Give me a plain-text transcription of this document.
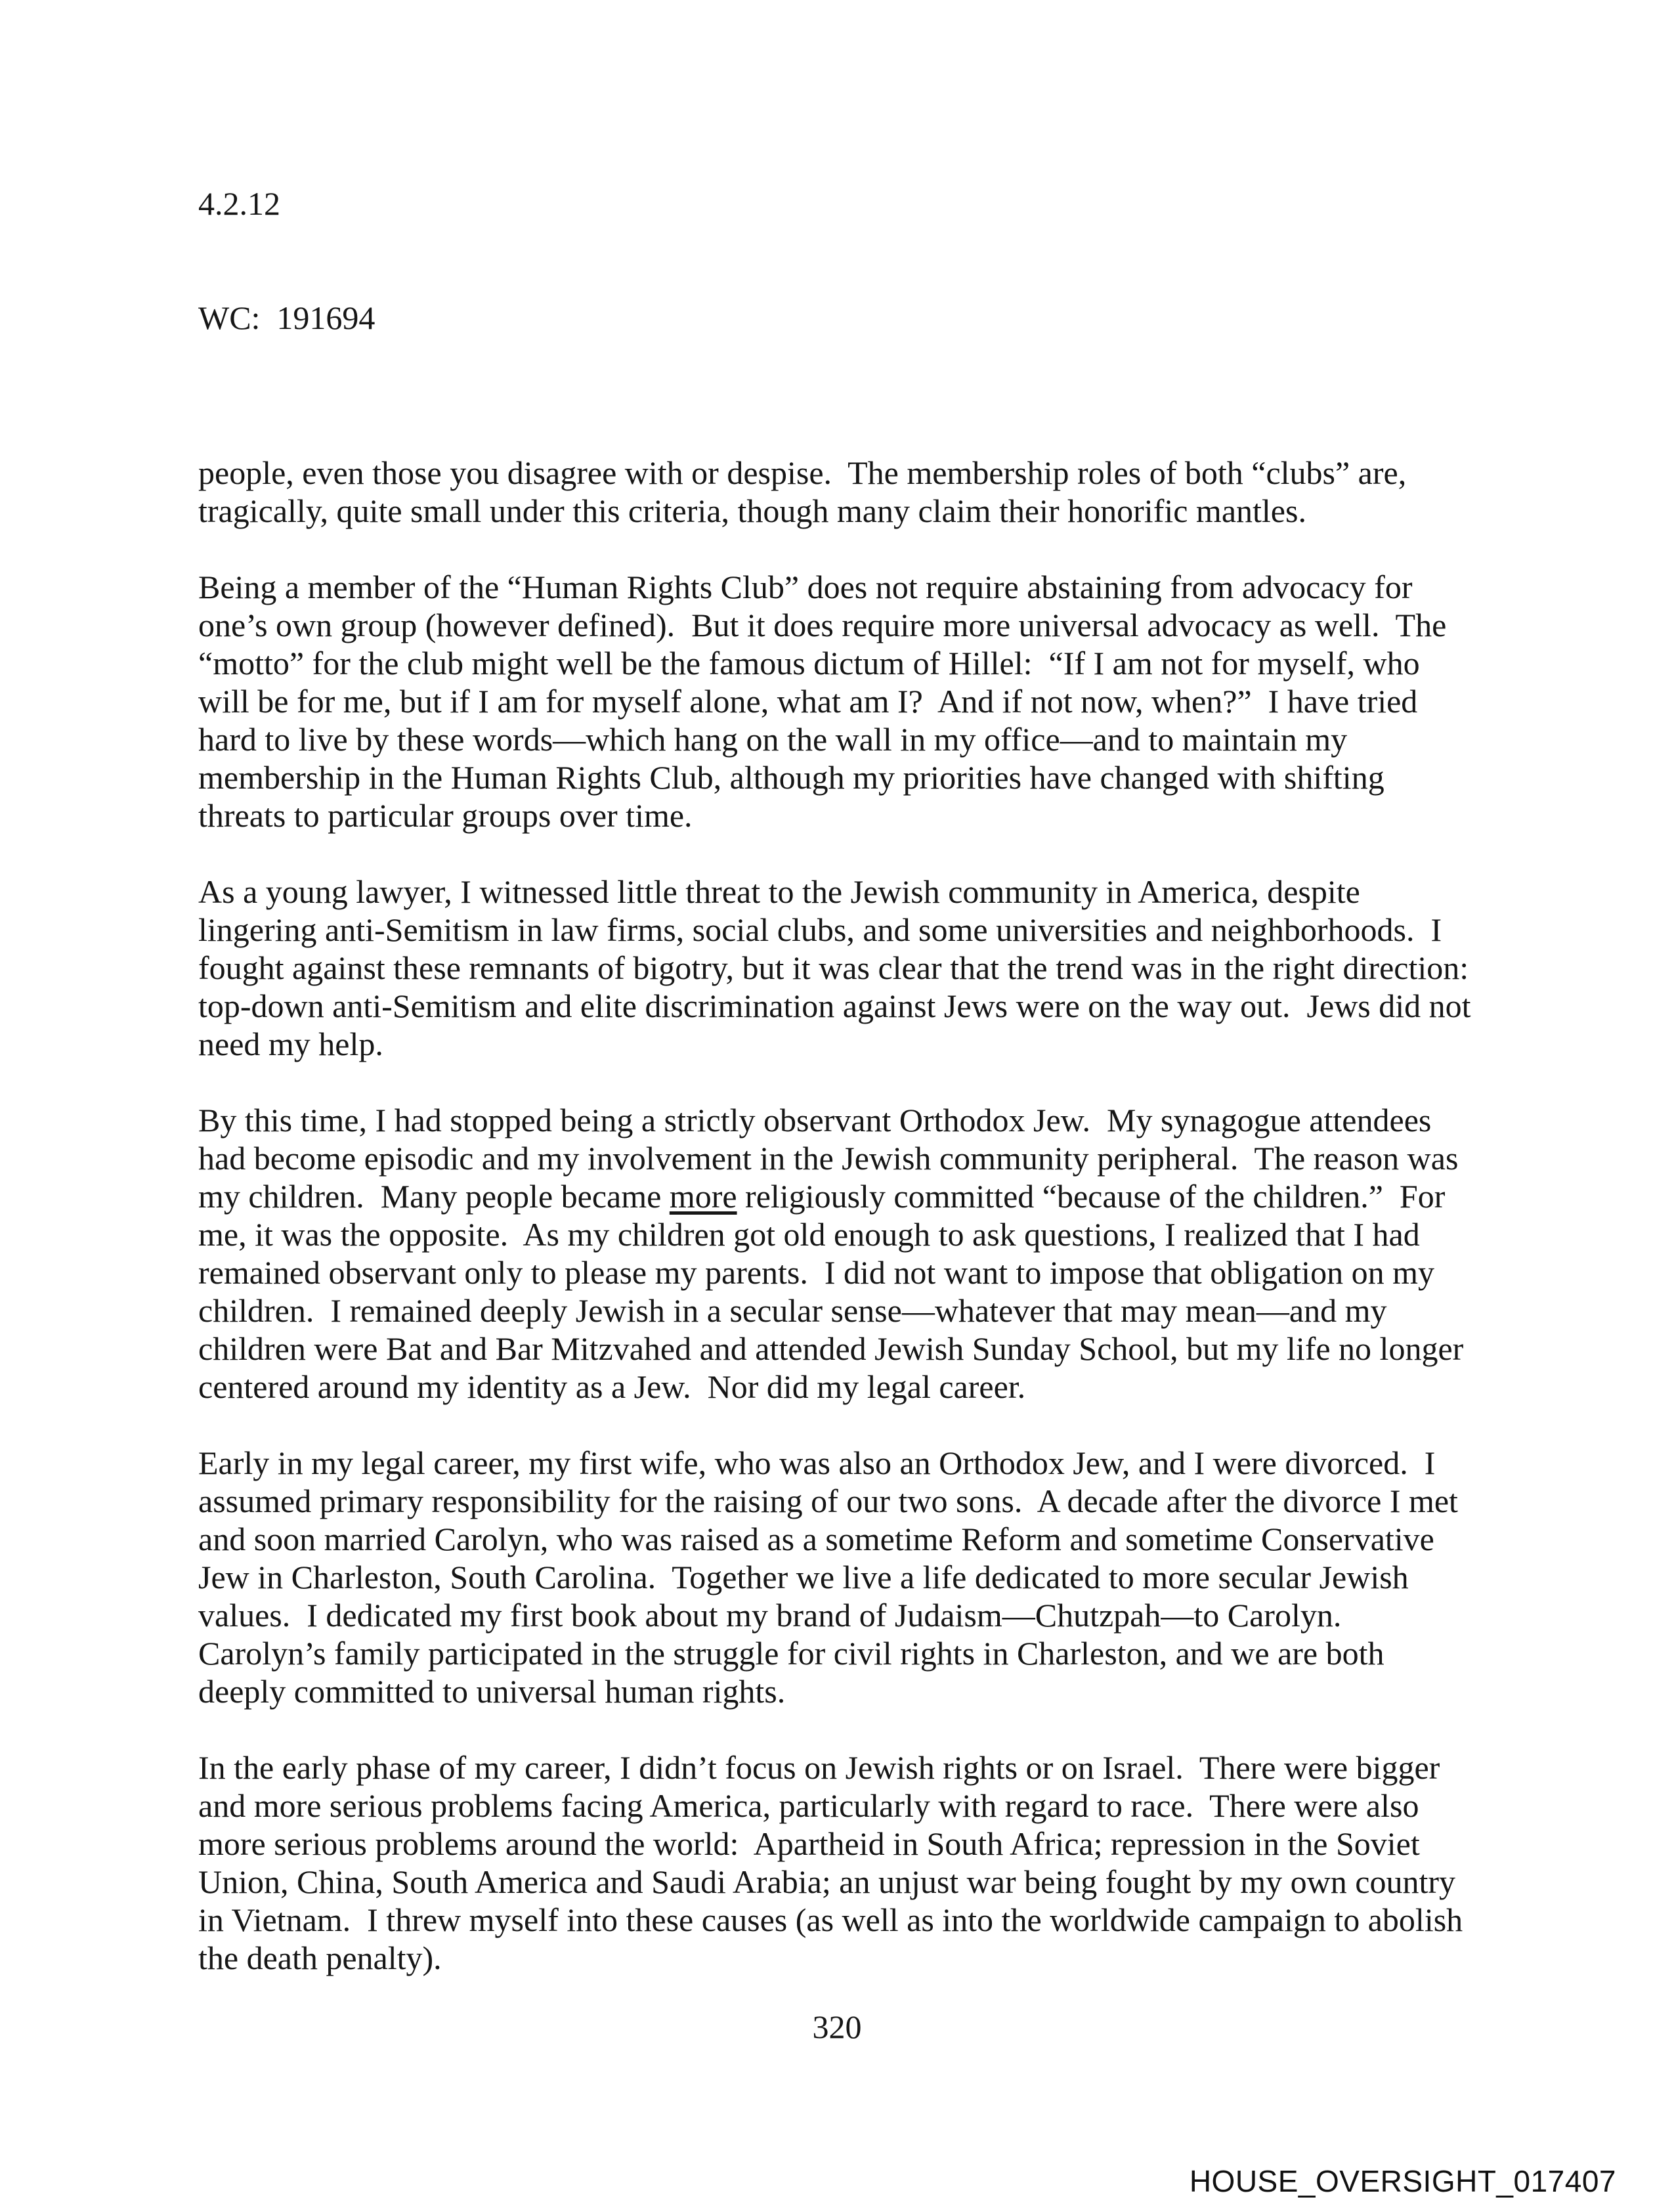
4.2.12

WC:  191694

people, even those you disagree with or despise.  The membership roles of both “clubs” are, tragically, quite small under this criteria, though many claim their honorific mantles.

Being a member of the “Human Rights Club” does not require abstaining from advocacy for one’s own group (however defined).  But it does require more universal advocacy as well.  The “motto” for the club might well be the famous dictum of Hillel:  “If I am not for myself, who will be for me, but if I am for myself alone, what am I?  And if not now, when?”  I have tried hard to live by these words—which hang on the wall in my office—and to maintain my membership in the Human Rights Club, although my priorities have changed with shifting threats to particular groups over time.

As a young lawyer, I witnessed little threat to the Jewish community in America, despite lingering anti-Semitism in law firms, social clubs, and some universities and neighborhoods.  I fought against these remnants of bigotry, but it was clear that the trend was in the right direction:  top-down anti-Semitism and elite discrimination against Jews were on the way out.  Jews did not need my help.

By this time, I had stopped being a strictly observant Orthodox Jew.  My synagogue attendees had become episodic and my involvement in the Jewish community peripheral.  The reason was my children.  Many people became more religiously committed “because of the children.”  For me, it was the opposite.  As my children got old enough to ask questions, I realized that I had remained observant only to please my parents.  I did not want to impose that obligation on my children.  I remained deeply Jewish in a secular sense—whatever that may mean—and my children were Bat and Bar Mitzvahed and attended Jewish Sunday School, but my life no longer centered around my identity as a Jew.  Nor did my legal career.

Early in my legal career, my first wife, who was also an Orthodox Jew, and I were divorced.  I assumed primary responsibility for the raising of our two sons.  A decade after the divorce I met and soon married Carolyn, who was raised as a sometime Reform and sometime Conservative Jew in Charleston, South Carolina.  Together we live a life dedicated to more secular Jewish values.  I dedicated my first book about my brand of Judaism—Chutzpah—to Carolyn.  Carolyn’s family participated in the struggle for civil rights in Charleston, and we are both deeply committed to universal human rights.

In the early phase of my career, I didn’t focus on Jewish rights or on Israel.  There were bigger and more serious problems facing America, particularly with regard to race.  There were also more serious problems around the world:  Apartheid in South Africa; repression in the Soviet Union, China, South America and Saudi Arabia; an unjust war being fought by my own country in Vietnam.  I threw myself into these causes (as well as into the worldwide campaign to abolish the death penalty).

320
HOUSE_OVERSIGHT_017407
